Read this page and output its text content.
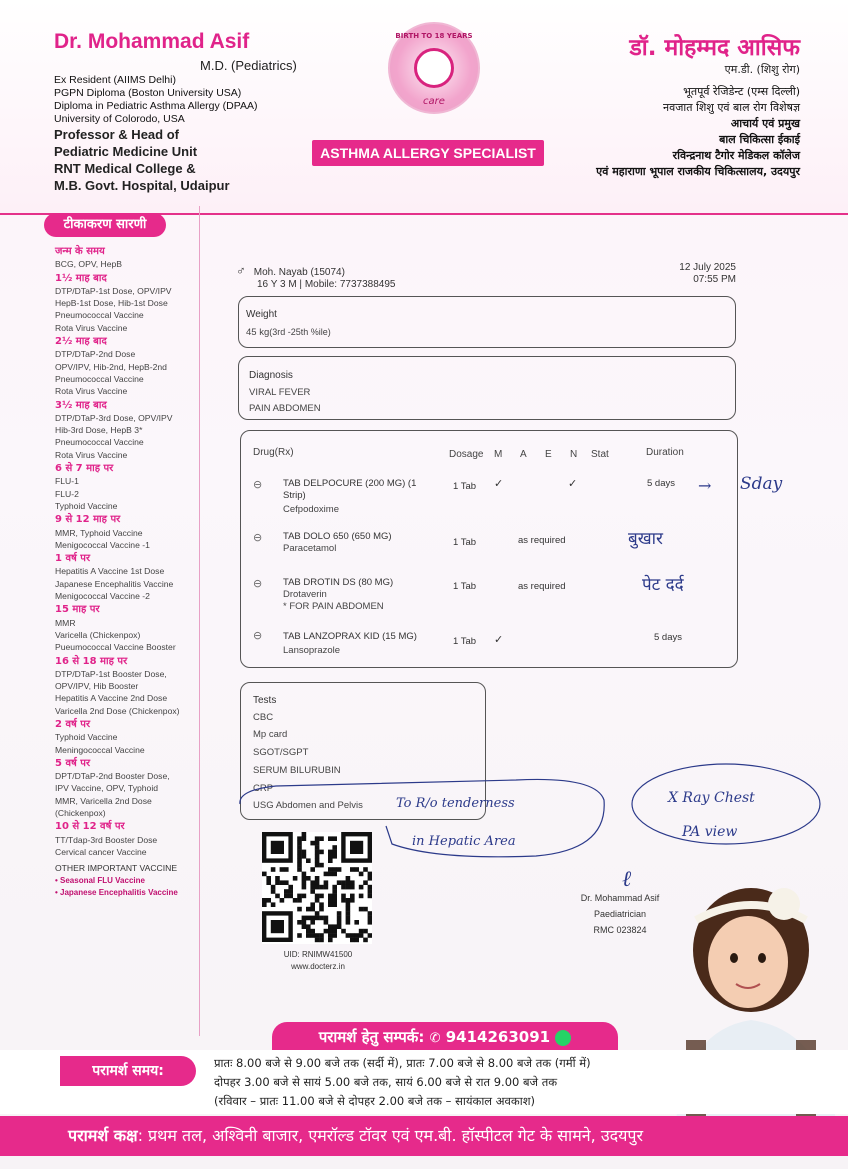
Dr. Mohammad Asif
M.D. (Pediatrics)
Ex Resident (AIIMS Delhi)
PGPN Diploma (Boston University USA)
Diploma in Pediatric Asthma Allergy (DPAA)
University of Colorodo, USA
Professor & Head of
Pediatric Medicine Unit
RNT Medical College &
M.B. Govt. Hospital, Udaipur
BIRTH TO 18 YEARS
care
ASTHMA ALLERGY SPECIALIST
डॉ. मोहम्मद आसिफ
एम.डी. (शिशु रोग)
भूतपूर्व रेजिडेन्ट (एम्स दिल्ली)
नवजात शिशु एवं बाल रोग विशेषज्ञ
आचार्य एवं प्रमुख
बाल चिकित्सा ईकाई
रविन्द्रनाथ टैगोर मेडिकल कॉलेज
एवं महाराणा भूपाल राजकीय चिकित्सालय, उदयपुर
टीकाकरण सारणी
जन्म के समय
BCG, OPV, HepB
1½ माह बाद
DTP/DTaP-1st Dose, OPV/IPV
HepB-1st Dose, Hib-1st Dose
Pneumococcal Vaccine
Rota Virus Vaccine
2½ माह बाद
DTP/DTaP-2nd Dose
OPV/IPV, Hib-2nd, HepB-2nd
Pneumococcal Vaccine
Rota Virus Vaccine
3½ माह बाद
DTP/DTaP-3rd Dose, OPV/IPV
Hib-3rd Dose, HepB 3*
Pneumococcal Vaccine
Rota Virus Vaccine
6 से 7 माह पर
FLU-1
FLU-2
Typhoid Vaccine
9 से 12 माह पर
MMR, Typhoid Vaccine
Menigococcal Vaccine -1
1 वर्ष पर
Hepatitis A Vaccine 1st Dose
Japanese Encephalitis Vaccine
Menigococcal Vaccine -2
15 माह पर
MMR
Varicella (Chickenpox)
Pueumococcal Vaccine Booster
16 से 18 माह पर
DTP/DTaP-1st Booster Dose,
OPV/IPV, Hib Booster
Hepatitis A Vaccine 2nd Dose
Varicella 2nd Dose (Chickenpox)
2 वर्ष पर
Typhoid Vaccine
Meningococcal Vaccine
5 वर्ष पर
DPT/DTaP-2nd Booster Dose,
IPV Vaccine, OPV, Typhoid
MMR, Varicella 2nd Dose
(Chickenpox)
10 से 12 वर्ष पर
TT/Tdap-3rd Booster Dose
Cervical cancer Vaccine
OTHER IMPORTANT VACCINE
• Seasonal FLU Vaccine
• Japanese Encephalitis Vaccine
♂ Moh. Nayab (15074)
16 Y 3 M | Mobile: 7737388495
12 July 2025
07:55 PM
Weight
45 kg(3rd -25th %ile)
Diagnosis
VIRAL FEVER
PAIN ABDOMEN
Drug(Rx)	Dosage M A E N Stat	Duration
⊖ TAB DELPOCURE (200 MG) (1
Strip)
Cefpodoxime
1 Tab ✓	✓	5 days
⊖ TAB DOLO 650 (650 MG)
Paracetamol
1 Tab	as required
⊖ TAB DROTIN DS (80 MG)
Drotaverin
* FOR PAIN ABDOMEN
1 Tab	as required
⊖ TAB LANZOPRAX KID (15 MG)
Lansoprazole
1 Tab ✓	5 days
→ Sday
बुखार
पेट दर्द
Tests
CBC
Mp card
SGOT/SGPT
SERUM BILURUBIN
CRP
USG Abdomen and Pelvis	To R/o tenderness
in Hepatic Area
X Ray Chest
PA view
UID: RNIMW41500
www.docterz.in
ℓ
Dr. Mohammad Asif
Paediatrician
RMC 023824
परामर्श हेतु सम्पर्क: ✆ 9414263091
परामर्श समय:	प्रातः 8.00 बजे से 9.00 बजे तक (सर्दी में), प्रातः 7.00 बजे से 8.00 बजे तक (गर्मी में)
दोपहर 3.00 बजे से सायं 5.00 बजे तक, सायं 6.00 बजे से रात 9.00 बजे तक
(रविवार – प्रातः 11.00 बजे से दोपहर 2.00 बजे तक – सायंकाल अवकाश)
परामर्श कक्ष: प्रथम तल, अश्विनी बाजार, एमरॉल्ड टॉवर एवं एम.बी. हॉस्पीटल गेट के सामने, उदयपुर
